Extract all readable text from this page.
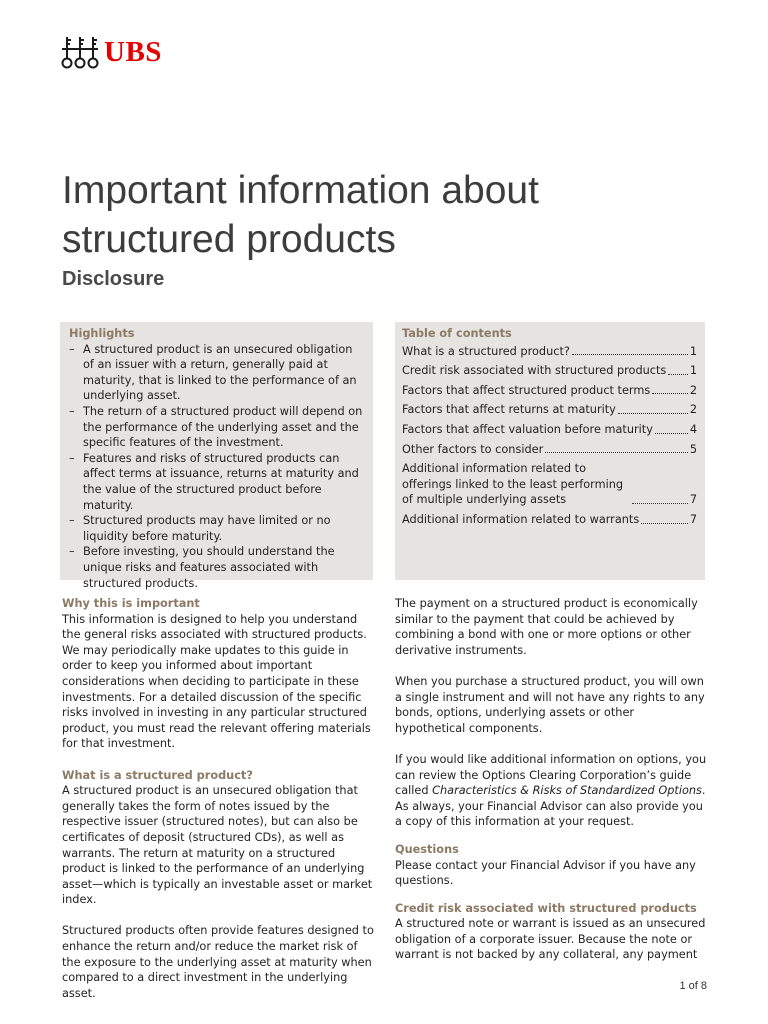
UBS
Important information about structured products
Disclosure
Highlights
– A structured product is an unsecured obligation of an issuer with a return, generally paid at maturity, that is linked to the performance of an underlying asset.
– The return of a structured product will depend on the performance of the underlying asset and the specific features of the investment.
– Features and risks of structured products can affect terms at issuance, returns at maturity and the value of the structured product before maturity.
– Structured products may have limited or no liquidity before maturity.
– Before investing, you should understand the unique risks and features associated with structured products.
Table of contents
What is a structured product?	1
Credit risk associated with structured products 1
Factors that affect structured product terms	2
Factors that affect returns at maturity	2
Factors that affect valuation before maturity	4
Other factors to consider	5
Additional information related to offerings linked to the least performing of multiple underlying assets	7
Additional information related to warrants	7

Why this is important

This information is designed to help you understand the general risks associated with structured products. We may periodically make updates to this guide in order to keep you informed about important considerations when deciding to participate in these investments. For a detailed discussion of the specific risks involved in investing in any particular structured product, you must read the relevant offering materials for that investment.

What is a structured product?

A structured product is an unsecured obligation that generally takes the form of notes issued by the respective issuer (structured notes), but can also be certificates of deposit (structured CDs), as well as warrants. The return at maturity on a structured product is linked to the performance of an underlying asset—which is typically an investable asset or market index.

Structured products often provide features designed to enhance the return and/or reduce the market risk of the exposure to the underlying asset at maturity when compared to a direct investment in the underlying asset.

The payment on a structured product is economically similar to the payment that could be achieved by combining a bond with one or more options or other derivative instruments.

When you purchase a structured product, you will own a single instrument and will not have any rights to any bonds, options, underlying assets or other hypothetical components.

If you would like additional information on options, you can review the Options Clearing Corporation’s guide called Characteristics & Risks of Standardized Options. As always, your Financial Advisor can also provide you a copy of this information at your request.

Questions

Please contact your Financial Advisor if you have any questions.

Credit risk associated with structured products

A structured note or warrant is issued as an unsecured obligation of a corporate issuer. Because the note or warrant is not backed by any collateral, any payment

1 of 8
